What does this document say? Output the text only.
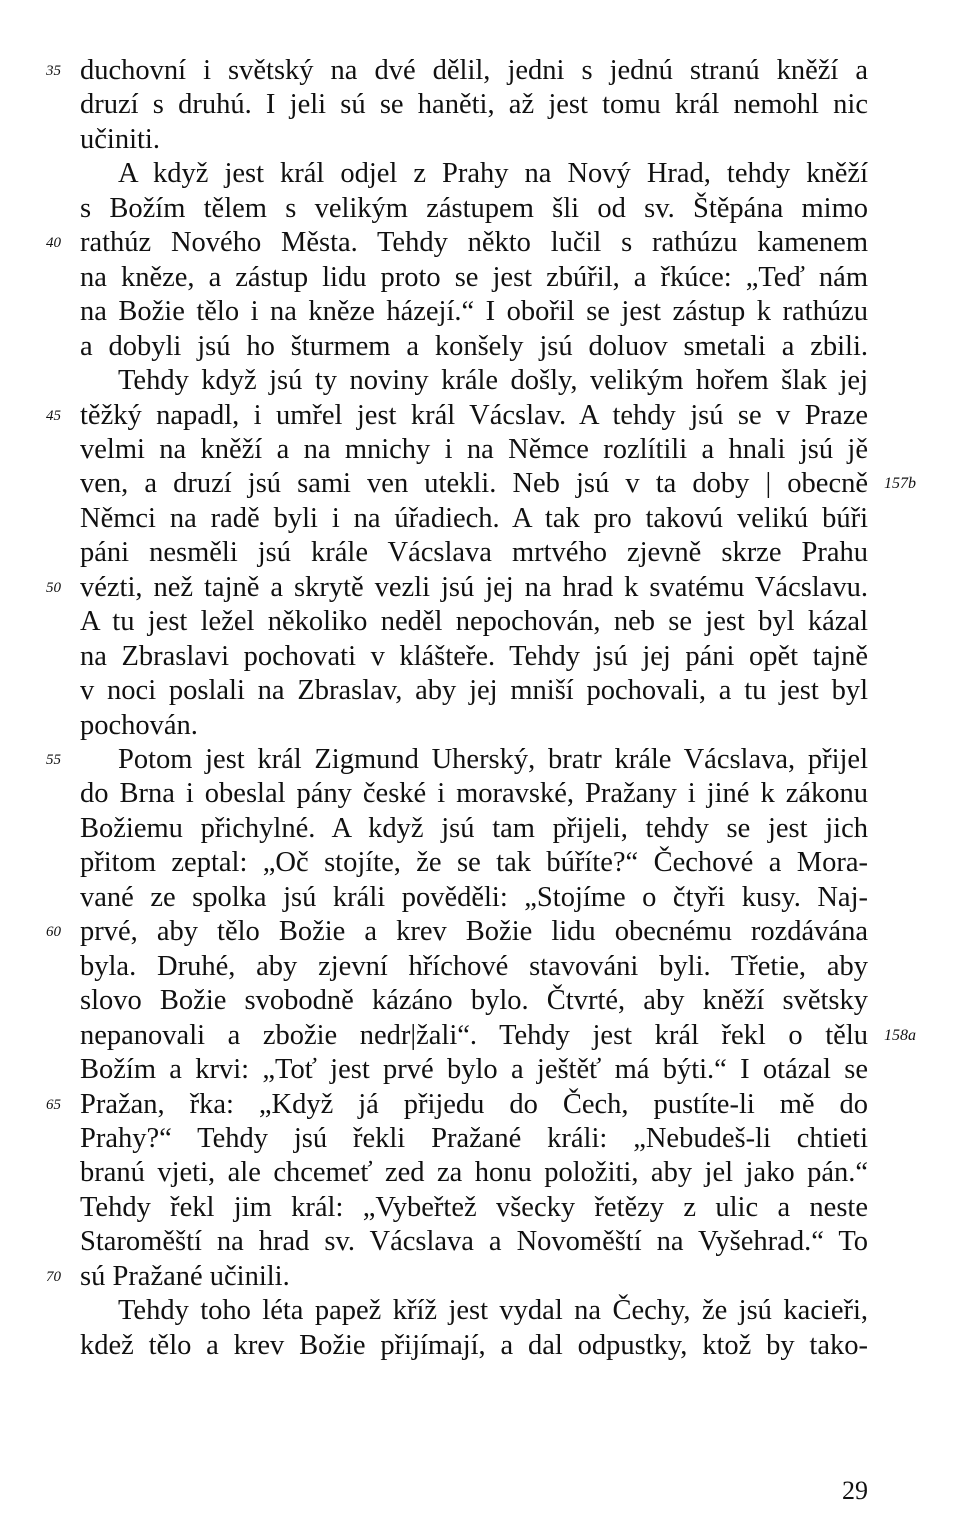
duchovní i světský na dvé dělil, jedni s jednú stranú kněží a
druzí s druhú. I jeli sú se haněti, až jest tomu král nemohl nic
učiniti.
A když jest král odjel z Prahy na Nový Hrad, tehdy kněží
s Božím tělem s velikým zástupem šli od sv. Štěpána mimo
rathúz Nového Města. Tehdy někto lučil s rathúzu kamenem
na kněze, a zástup lidu proto se jest zbúřil, a řkúce: „Teď nám
na Božie tělo i na kněze házejí.“ I obořil se jest zástup k rathúzu
a dobyli jsú ho šturmem a konšely jsú doluov smetali a zbili.
Tehdy když jsú ty noviny krále došly, velikým hořem šlak jej
těžký napadl, i umřel jest král Vácslav. A tehdy jsú se v Praze
velmi na kněží a na mnichy i na Němce rozlítili a hnali jsú jě
ven, a druzí jsú sami ven utekli. Neb jsú v ta doby | obecně
Němci na radě byli i na úřadiech. A tak pro takovú velikú búři
páni nesměli jsú krále Vácslava mrtvého zjevně skrze Prahu
vézti, než tajně a skrytě vezli jsú jej na hrad k svatému Vácslavu.
A tu jest ležel několiko neděl nepochován, neb se jest byl kázal
na Zbraslavi pochovati v klášteře. Tehdy jsú jej páni opět tajně
v noci poslali na Zbraslav, aby jej mniší pochovali, a tu jest byl
pochován.
Potom jest král Zigmund Uherský, bratr krále Vácslava, přijel
do Brna i obeslal pány české i moravské, Pražany i jiné k zákonu
Božiemu přichylné. A když jsú tam přijeli, tehdy se jest jich
přitom zeptal: „Oč stojíte, že se tak búříte?“ Čechové a Mora-
vané ze spolka jsú králi pověděli: „Stojíme o čtyři kusy. Naj-
prvé, aby tělo Božie a krev Božie lidu obecnému rozdávána
byla. Druhé, aby zjevní hříchové stavováni byli. Třetie, aby
slovo Božie svobodně kázáno bylo. Čtvrté, aby kněží světsky
nepanovali a zbožie nedr|žali“. Tehdy jest král řekl o tělu
Božím a krvi: „Toť jest prvé bylo a ještěť má býti.“ I otázal se
Pražan, řka: „Když já přijedu do Čech, pustíte-li mě do
Prahy?“ Tehdy jsú řekli Pražané králi: „Nebudeš-li chtieti
branú vjeti, ale chcemeť zed za honu položiti, aby jel jako pán.“
Tehdy řekl jim král: „Vybeřtež všecky řetězy z ulic a neste
Staroměští na hrad sv. Vácslava a Novoměští na Vyšehrad.“ To
sú Pražané učinili.
Tehdy toho léta papež kříž jest vydal na Čechy, že jsú kacieři,
kdež tělo a krev Božie přijímají, a dal odpustky, ktož by tako-
35
40
45
50
55
60
65
70
157b
158a
29
